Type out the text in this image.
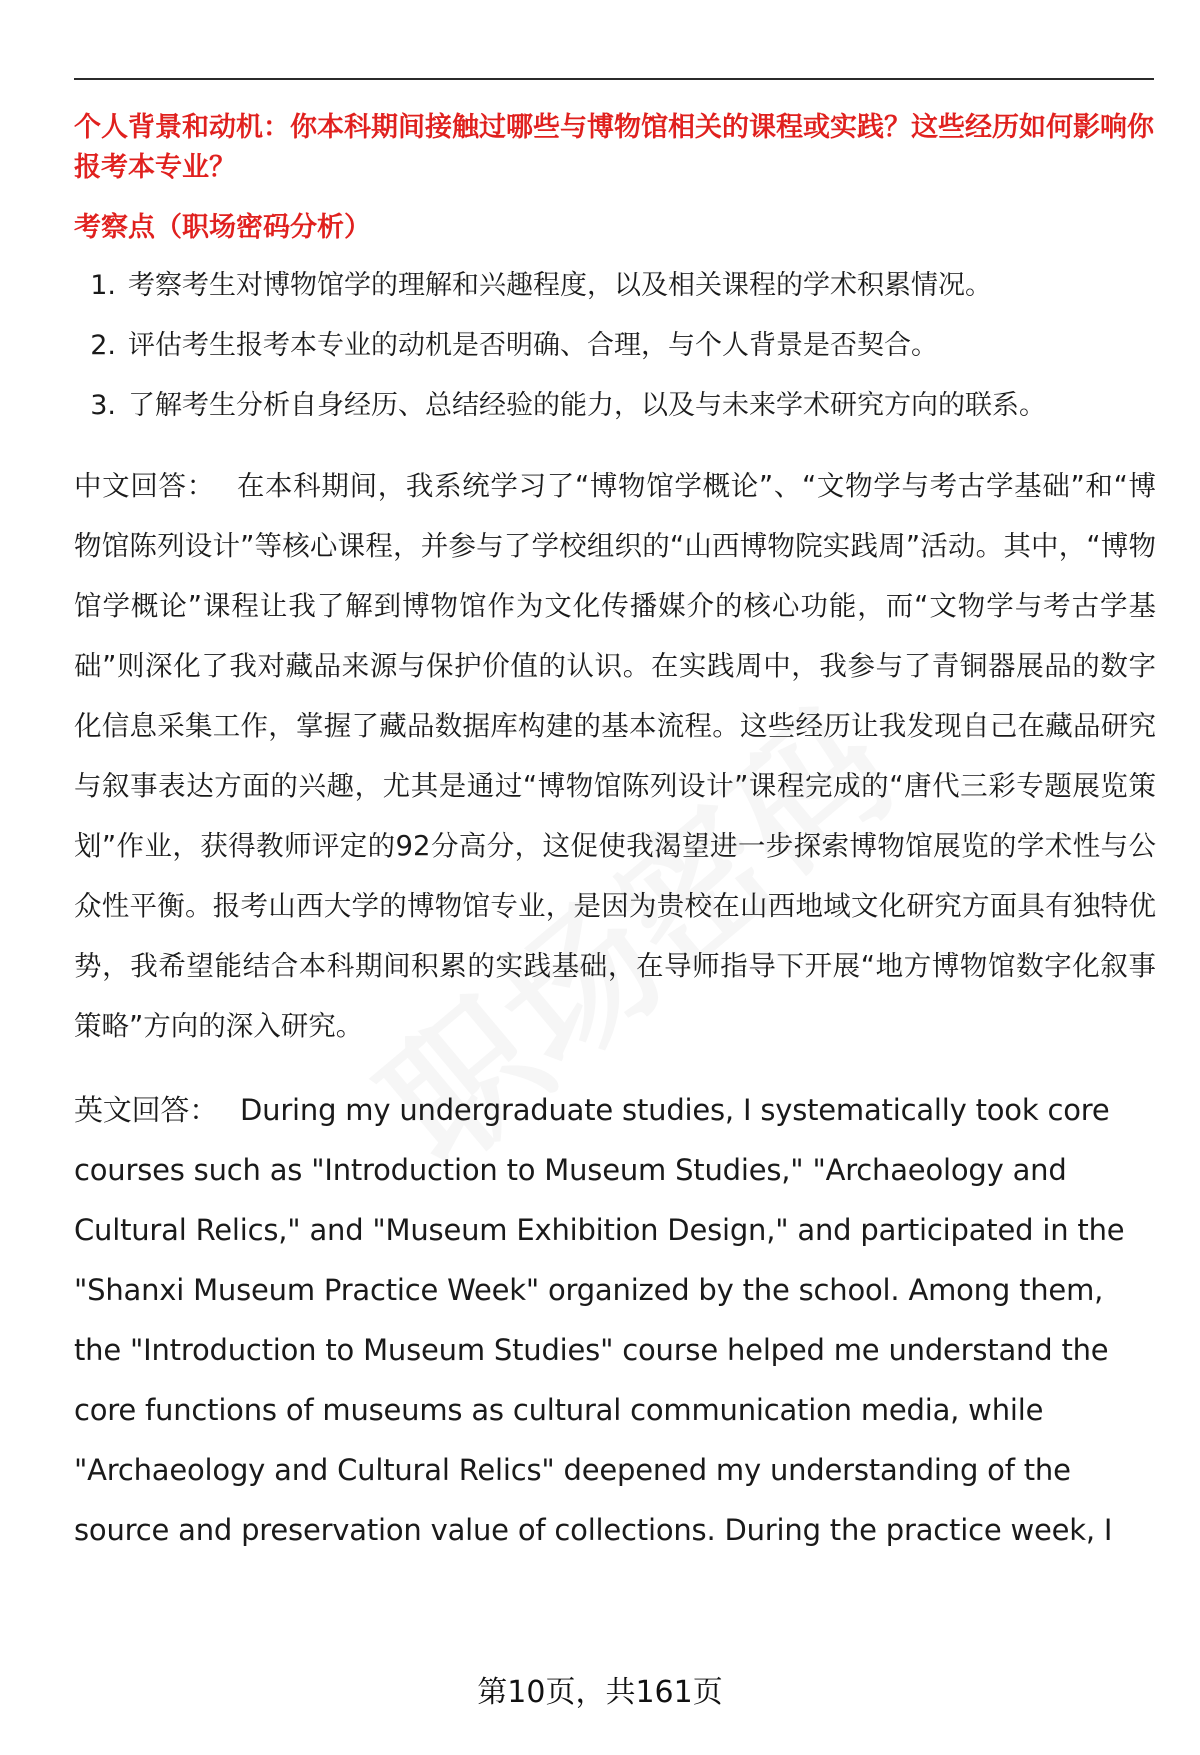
个人背景和动机：你本科期间接触过哪些与博物馆相关的课程或实践？这些经历如何影响你报考本专业？

考察点（职场密码分析）

1. 考察考生对博物馆学的理解和兴趣程度，以及相关课程的学术积累情况。
2. 评估考生报考本专业的动机是否明确、合理，与个人背景是否契合。
3. 了解考生分析自身经历、总结经验的能力，以及与未来学术研究方向的联系。

中文回答： 在本科期间，我系统学习了“博物馆学概论”、“文物学与考古学基础”和“博物馆陈列设计”等核心课程，并参与了学校组织的“山西博物院实践周”活动。其中，“博物馆学概论”课程让我了解到博物馆作为文化传播媒介的核心功能，而“文物学与考古学基础”则深化了我对藏品来源与保护价值的认识。在实践周中，我参与了青铜器展品的数字化信息采集工作，掌握了藏品数据库构建的基本流程。这些经历让我发现自己在藏品研究与叙事表达方面的兴趣，尤其是通过“博物馆陈列设计”课程完成的“唐代三彩专题展览策划”作业，获得教师评定的92分高分，这促使我渴望进一步探索博物馆展览的学术性与公众性平衡。报考山西大学的博物馆专业，是因为贵校在山西地域文化研究方面具有独特优势，我希望能结合本科期间积累的实践基础，在导师指导下开展“地方博物馆数字化叙事策略”方向的深入研究。

英文回答： During my undergraduate studies, I systematically took core courses such as "Introduction to Museum Studies," "Archaeology and Cultural Relics," and "Museum Exhibition Design," and participated in the "Shanxi Museum Practice Week" organized by the school. Among them, the "Introduction to Museum Studies" course helped me understand the core functions of museums as cultural communication media, while "Archaeology and Cultural Relics" deepened my understanding of the source and preservation value of collections. During the practice week, I

第10页，共161页
